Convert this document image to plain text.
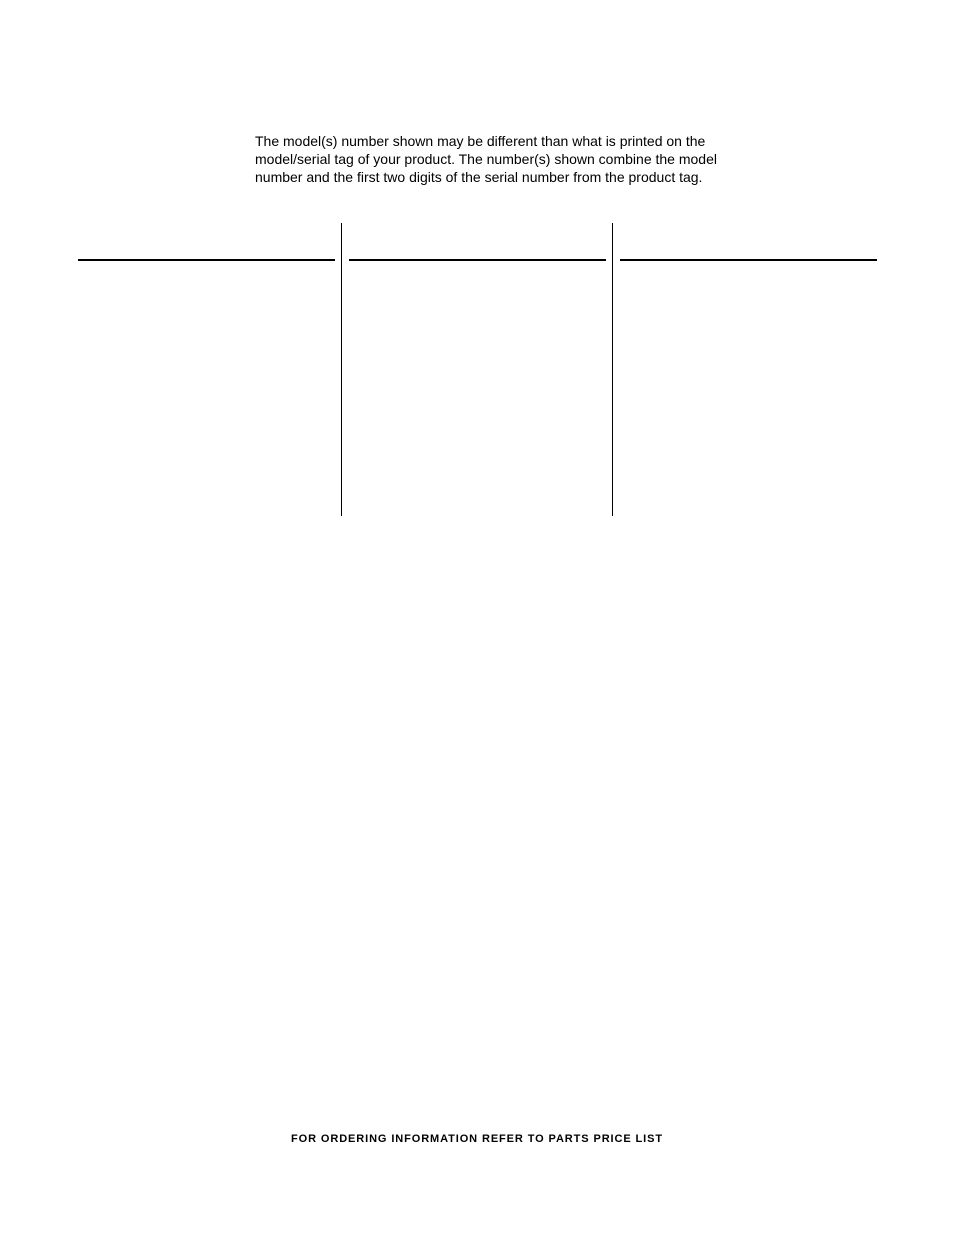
The model(s) number shown may be different than what is printed on the
model/serial tag of your product. The number(s) shown combine the model
number and the first two digits of the serial number from the product tag.
FOR ORDERING INFORMATION REFER TO PARTS PRICE LIST
